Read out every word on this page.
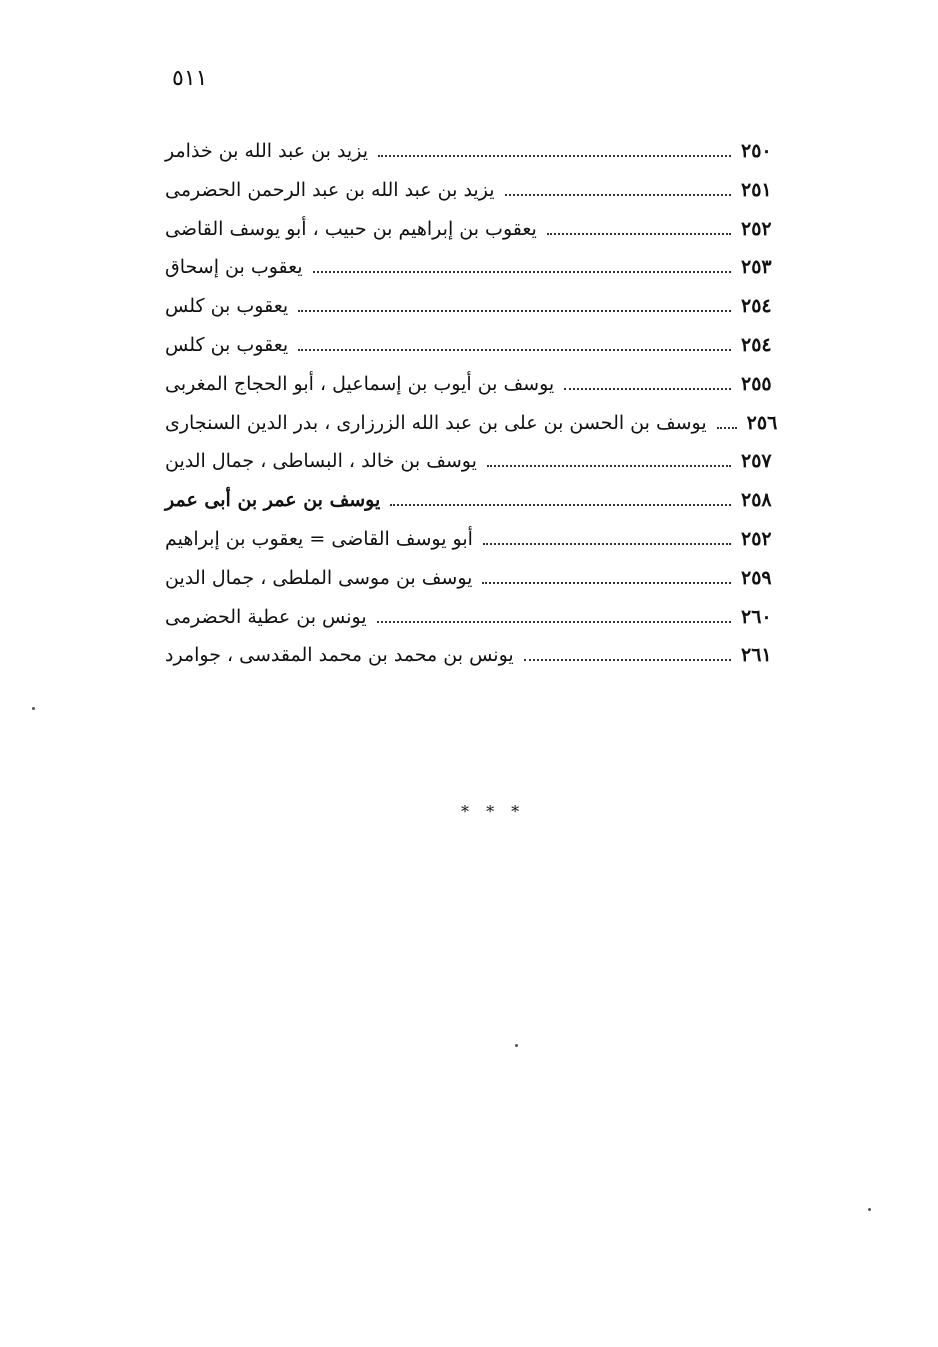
٥١١
يزيد بن عبد الله بن خذامر	٢٥٠
يزيد بن عبد الله بن عبد الرحمن الحضرمى	٢٥١
يعقوب بن إبراهيم بن حبيب ، أبو يوسف القاضى	٢٥٢
يعقوب بن إسحاق	٢٥٣
يعقوب بن كلس	٢٥٤
يعقوب بن كلس	٢٥٤
يوسف بن أيوب بن إسماعيل ، أبو الحجاج المغربى	٢٥٥
يوسف بن الحسن بن على بن عبد الله الزرزارى ، بدر الدين السنجارى ٢٥٦
يوسف بن خالد ، البساطى ، جمال الدين	٢٥٧
يوسف بن عمر بن أبى عمر	٢٥٨
أبو يوسف القاضى = يعقوب بن إبراهيم	٢٥٢
يوسف بن موسى الملطى ، جمال الدين	٢٥٩
يونس بن عطية الحضرمى	٢٦٠
يونس بن محمد بن محمد المقدسى ، جوامرد	٢٦١
* * *
